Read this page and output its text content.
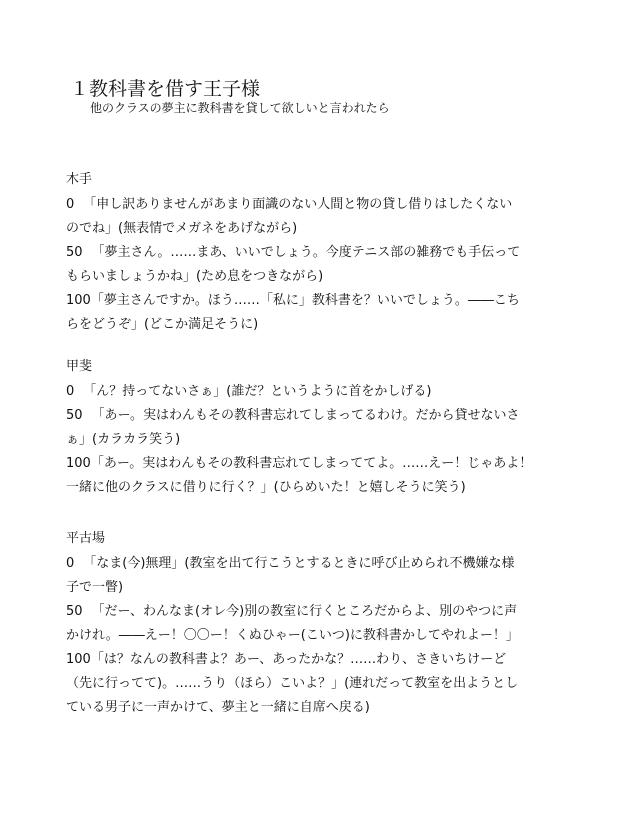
１教科書を借す王子様
他のクラスの夢主に教科書を貸して欲しいと言われたら
木手
0 「申し訳ありませんがあまり面識のない人間と物の貸し借りはしたくない
のでね」(無表情でメガネをあげながら)
50 「夢主さん。……まあ、いいでしょう。今度テニス部の雑務でも手伝って
もらいましょうかね」(ため息をつきながら)
100「夢主さんですか。ほう……「私に」教科書を？いいでしょう。――こち
らをどうぞ」(どこか満足そうに)
甲斐
0 「ん？持ってないさぁ」(誰だ？というように首をかしげる)
50 「あー。実はわんもその教科書忘れてしまってるわけ。だから貸せないさ
ぁ」(カラカラ笑う)
100「あー。実はわんもその教科書忘れてしまっててよ。……えー！じゃあよ！
一緒に他のクラスに借りに行く？」(ひらめいた！と嬉しそうに笑う)
平古場
0 「なま(今)無理」(教室を出て行こうとするときに呼び止められ不機嫌な様
子で一瞥)
50 「だー、わんなま(オレ今)別の教室に行くところだからよ、別のやつに声
かけれ。――えー！〇〇ー！くぬひゃー(こいつ)に教科書かしてやれよー！」
100「は？なんの教科書よ？あー、あったかな？……わり、さきいちけーど
（先に行ってて)。……うり（ほら）こいよ？」(連れだって教室を出ようとし
ている男子に一声かけて、夢主と一緒に自席へ戻る)
